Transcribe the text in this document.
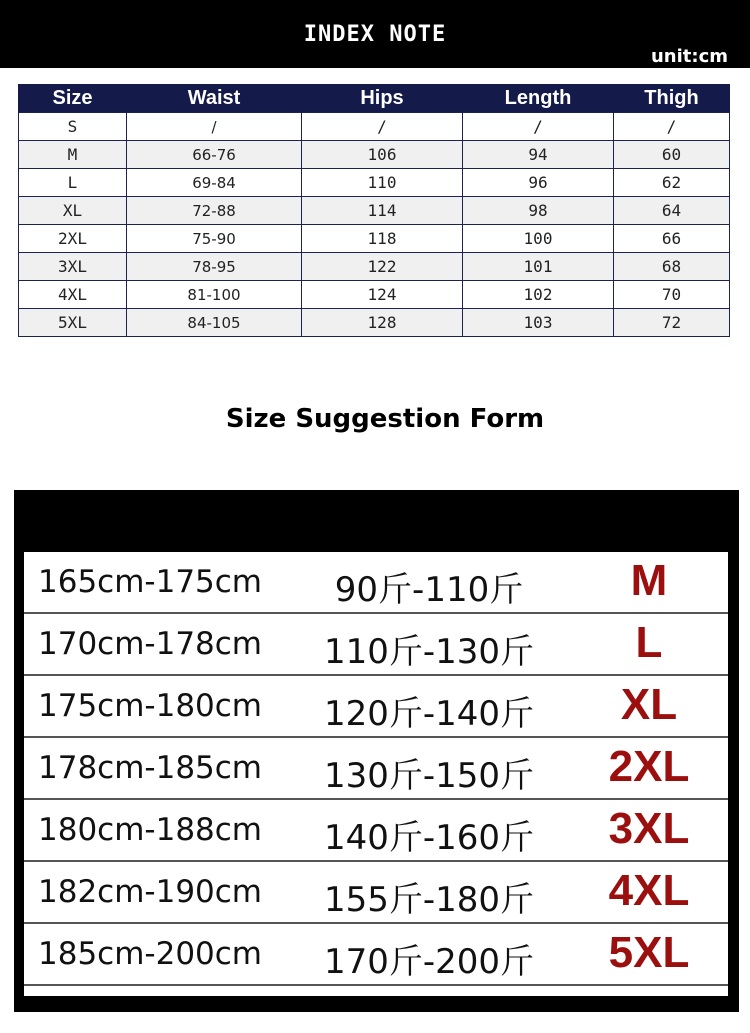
INDEX NOTE
unit:cm
Size	Waist	Hips	Length	Thigh
S	/	/	/	/
M	66-76	106	94	60
L	69-84	110	96	62
XL	72-88	114	98	64
2XL	75-90	118	100	66
3XL	78-95	122	101	68
4XL	81-100	124	102	70
5XL	84-105	128	103	72
Size Suggestion Form
165cm-175cm	90斤-110斤	M
170cm-178cm 110斤-130斤	L
175cm-180cm 120斤-140斤	XL
178cm-185cm 130斤-150斤	2XL
180cm-188cm 140斤-160斤	3XL
182cm-190cm 155斤-180斤	4XL
185cm-200cm 170斤-200斤	5XL
